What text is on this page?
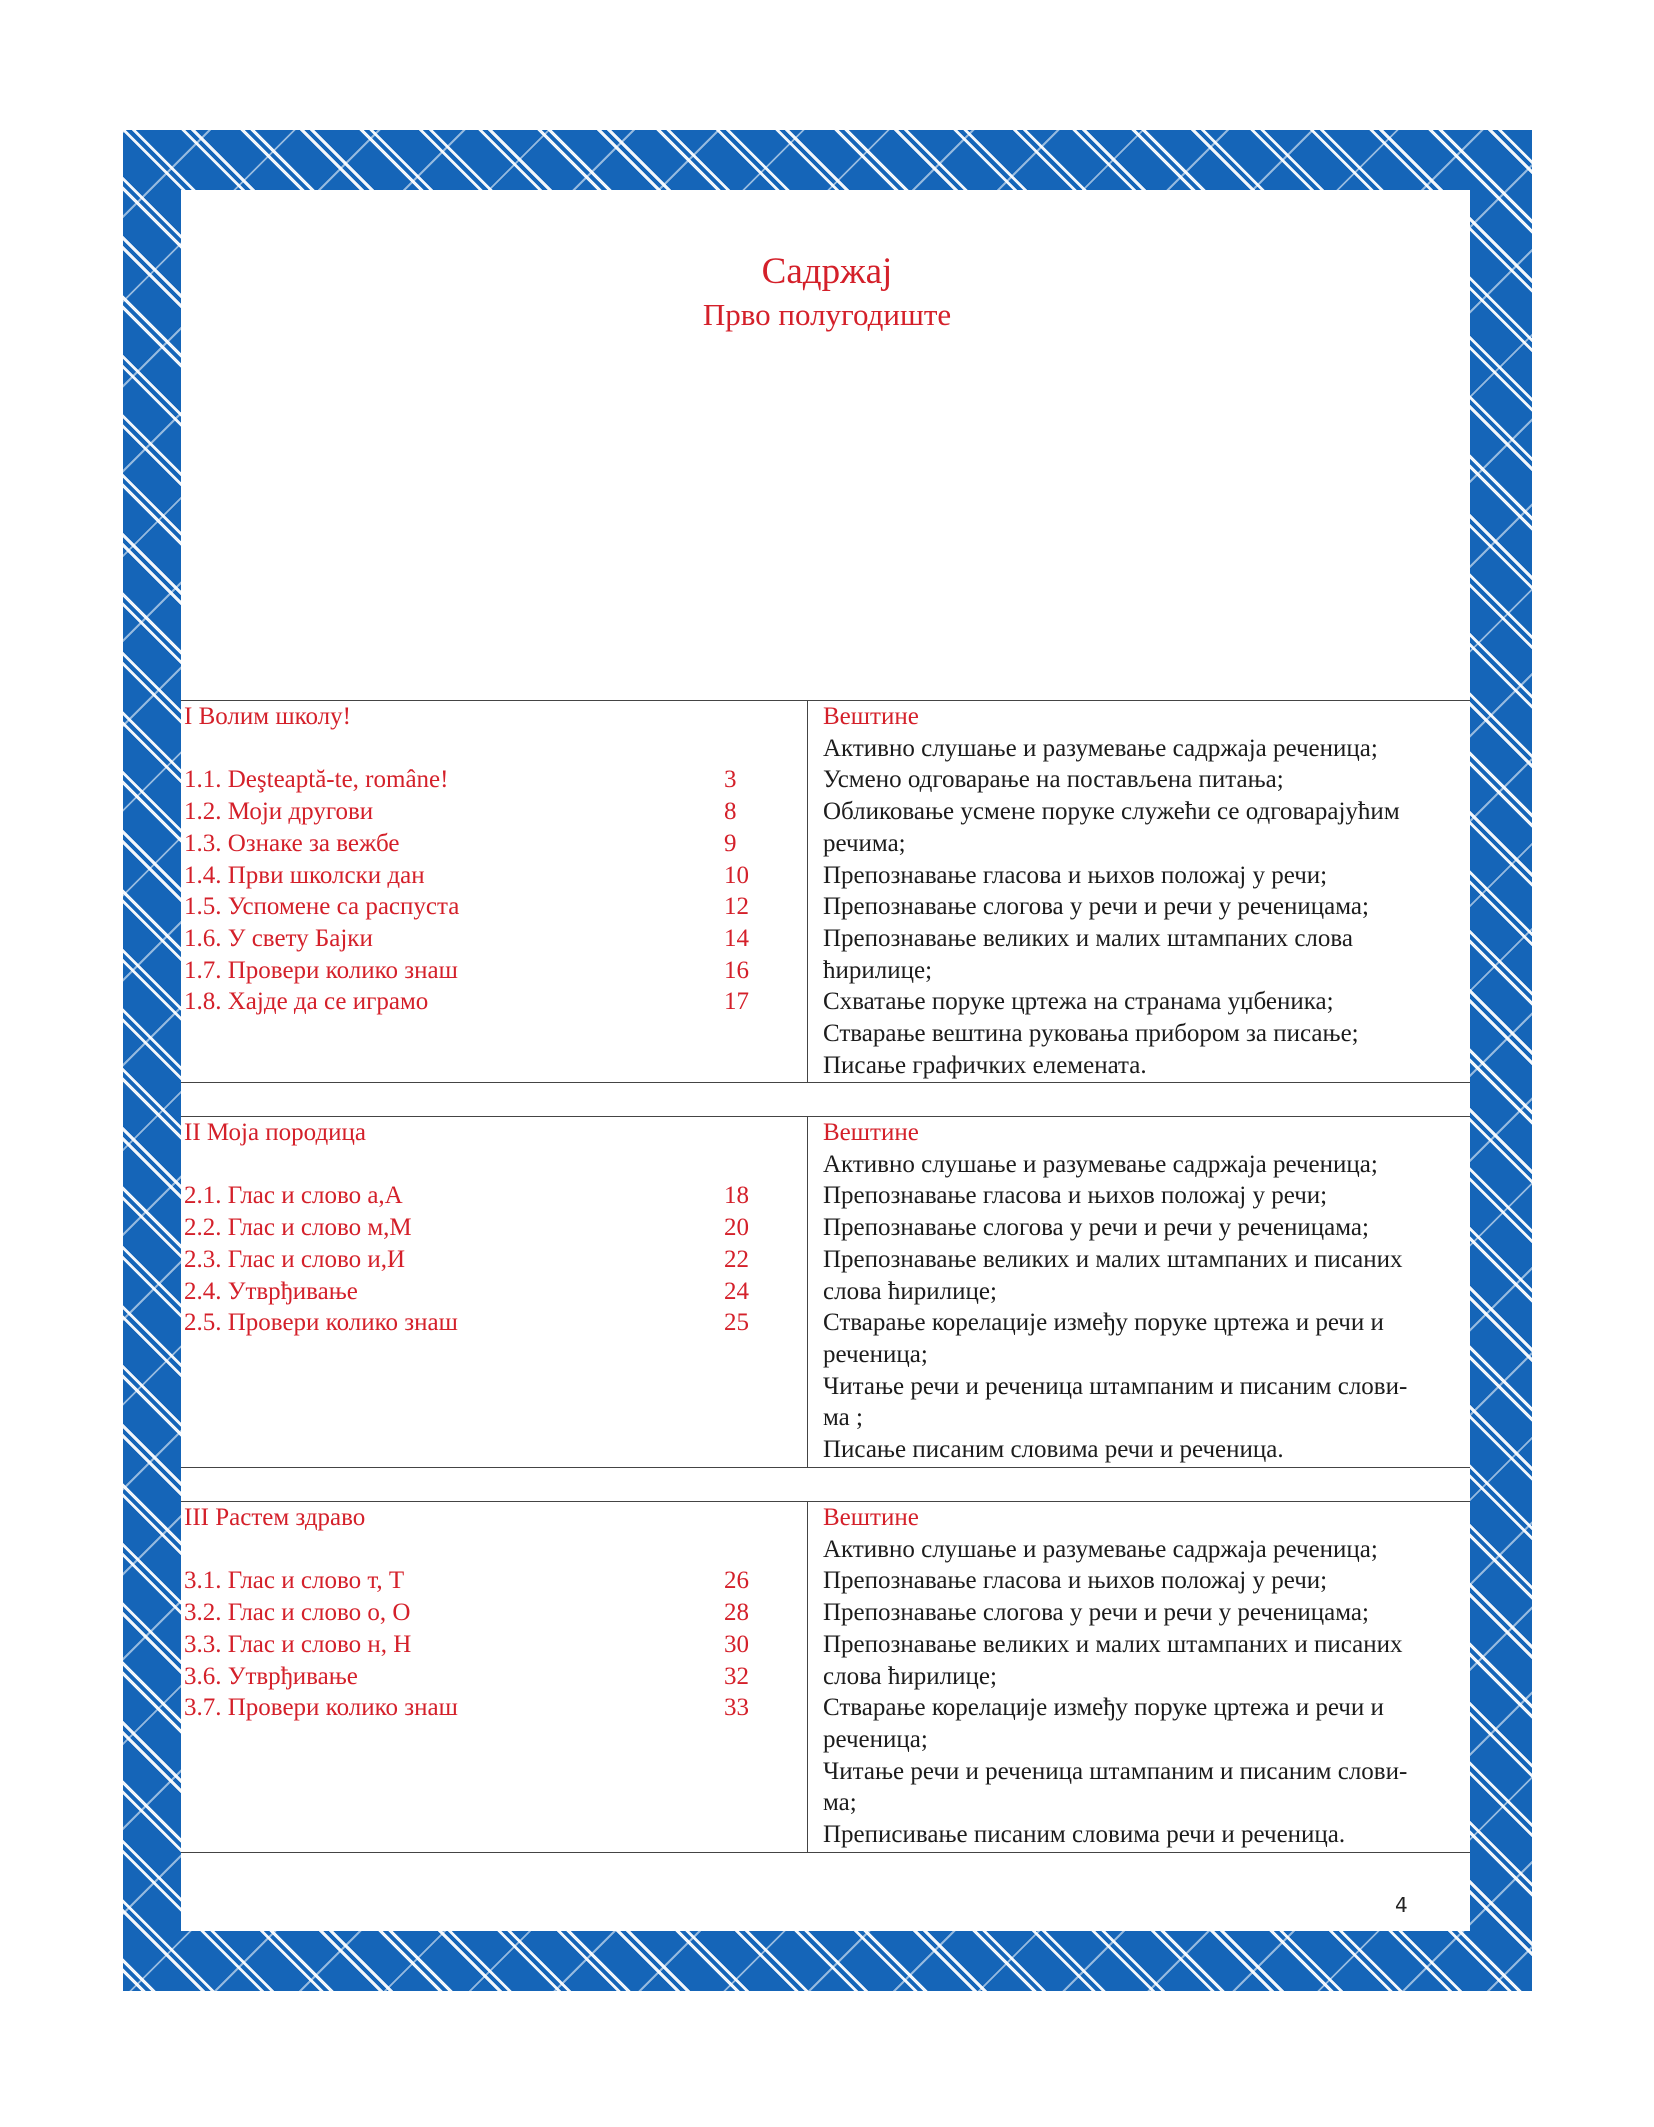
Садржај
Прво полугодиште
I Волим школу!
1.1. Deşteaptă-te, române!	3
1.2. Моји другови	8
1.3. Ознаке за вежбе	9
1.4. Први школски дан	10
1.5. Успомене са распуста	12
1.6. У свету Бајки	14
1.7. Провери колико знаш	16
1.8. Хајде да се играмо	17
Вештине
Активно слушање и разумевање садржаја реченица;
Усмено одговарање на постављена питања;
Обликовање усмене поруке служећи се одговарајућим
речима;
Препознавање гласова и њихов положај у речи;
Препознавање слогова у речи и речи у реченицама;
Препознавање великих и малих штампаних слова
ћирилице;
Схватање поруке цртежа на странама уџбеника;
Стварање вештина руковања прибором за писање;
Писање графичких елемената.
II Моја породица
2.1. Глас и слово а,А	18
2.2. Глас и слово м,М	20
2.3. Глас и слово и,И	22
2.4. Утврђивање	24
2.5. Провери колико знаш	25
Вештине
Активно слушање и разумевање садржаја реченица;
Препознавање гласова и њихов положај у речи;
Препознавање слогова у речи и речи у реченицама;
Препознавање великих и малих штампаних и писаних
слова ћирилице;
Стварање корелације између поруке цртежа и речи и
реченица;
Читање речи и реченица штампаним и писаним слови-
ма ;
Писање писаним словима речи и реченица.
III Растем здраво
3.1. Глас и слово т, Т	26
3.2. Глас и слово о, О	28
3.3. Глас и слово н, Н	30
3.6. Утврђивање	32
3.7. Провери колико знаш	33
Вештине
Активно слушање и разумевање садржаја реченица;
Препознавање гласова и њихов положај у речи;
Препознавање слогова у речи и речи у реченицама;
Препознавање великих и малих штампаних и писаних
слова ћирилице;
Стварање корелације између поруке цртежа и речи и
реченица;
Читање речи и реченица штампаним и писаним слови-
ма;
Преписивање писаним словима речи и реченица.
4
